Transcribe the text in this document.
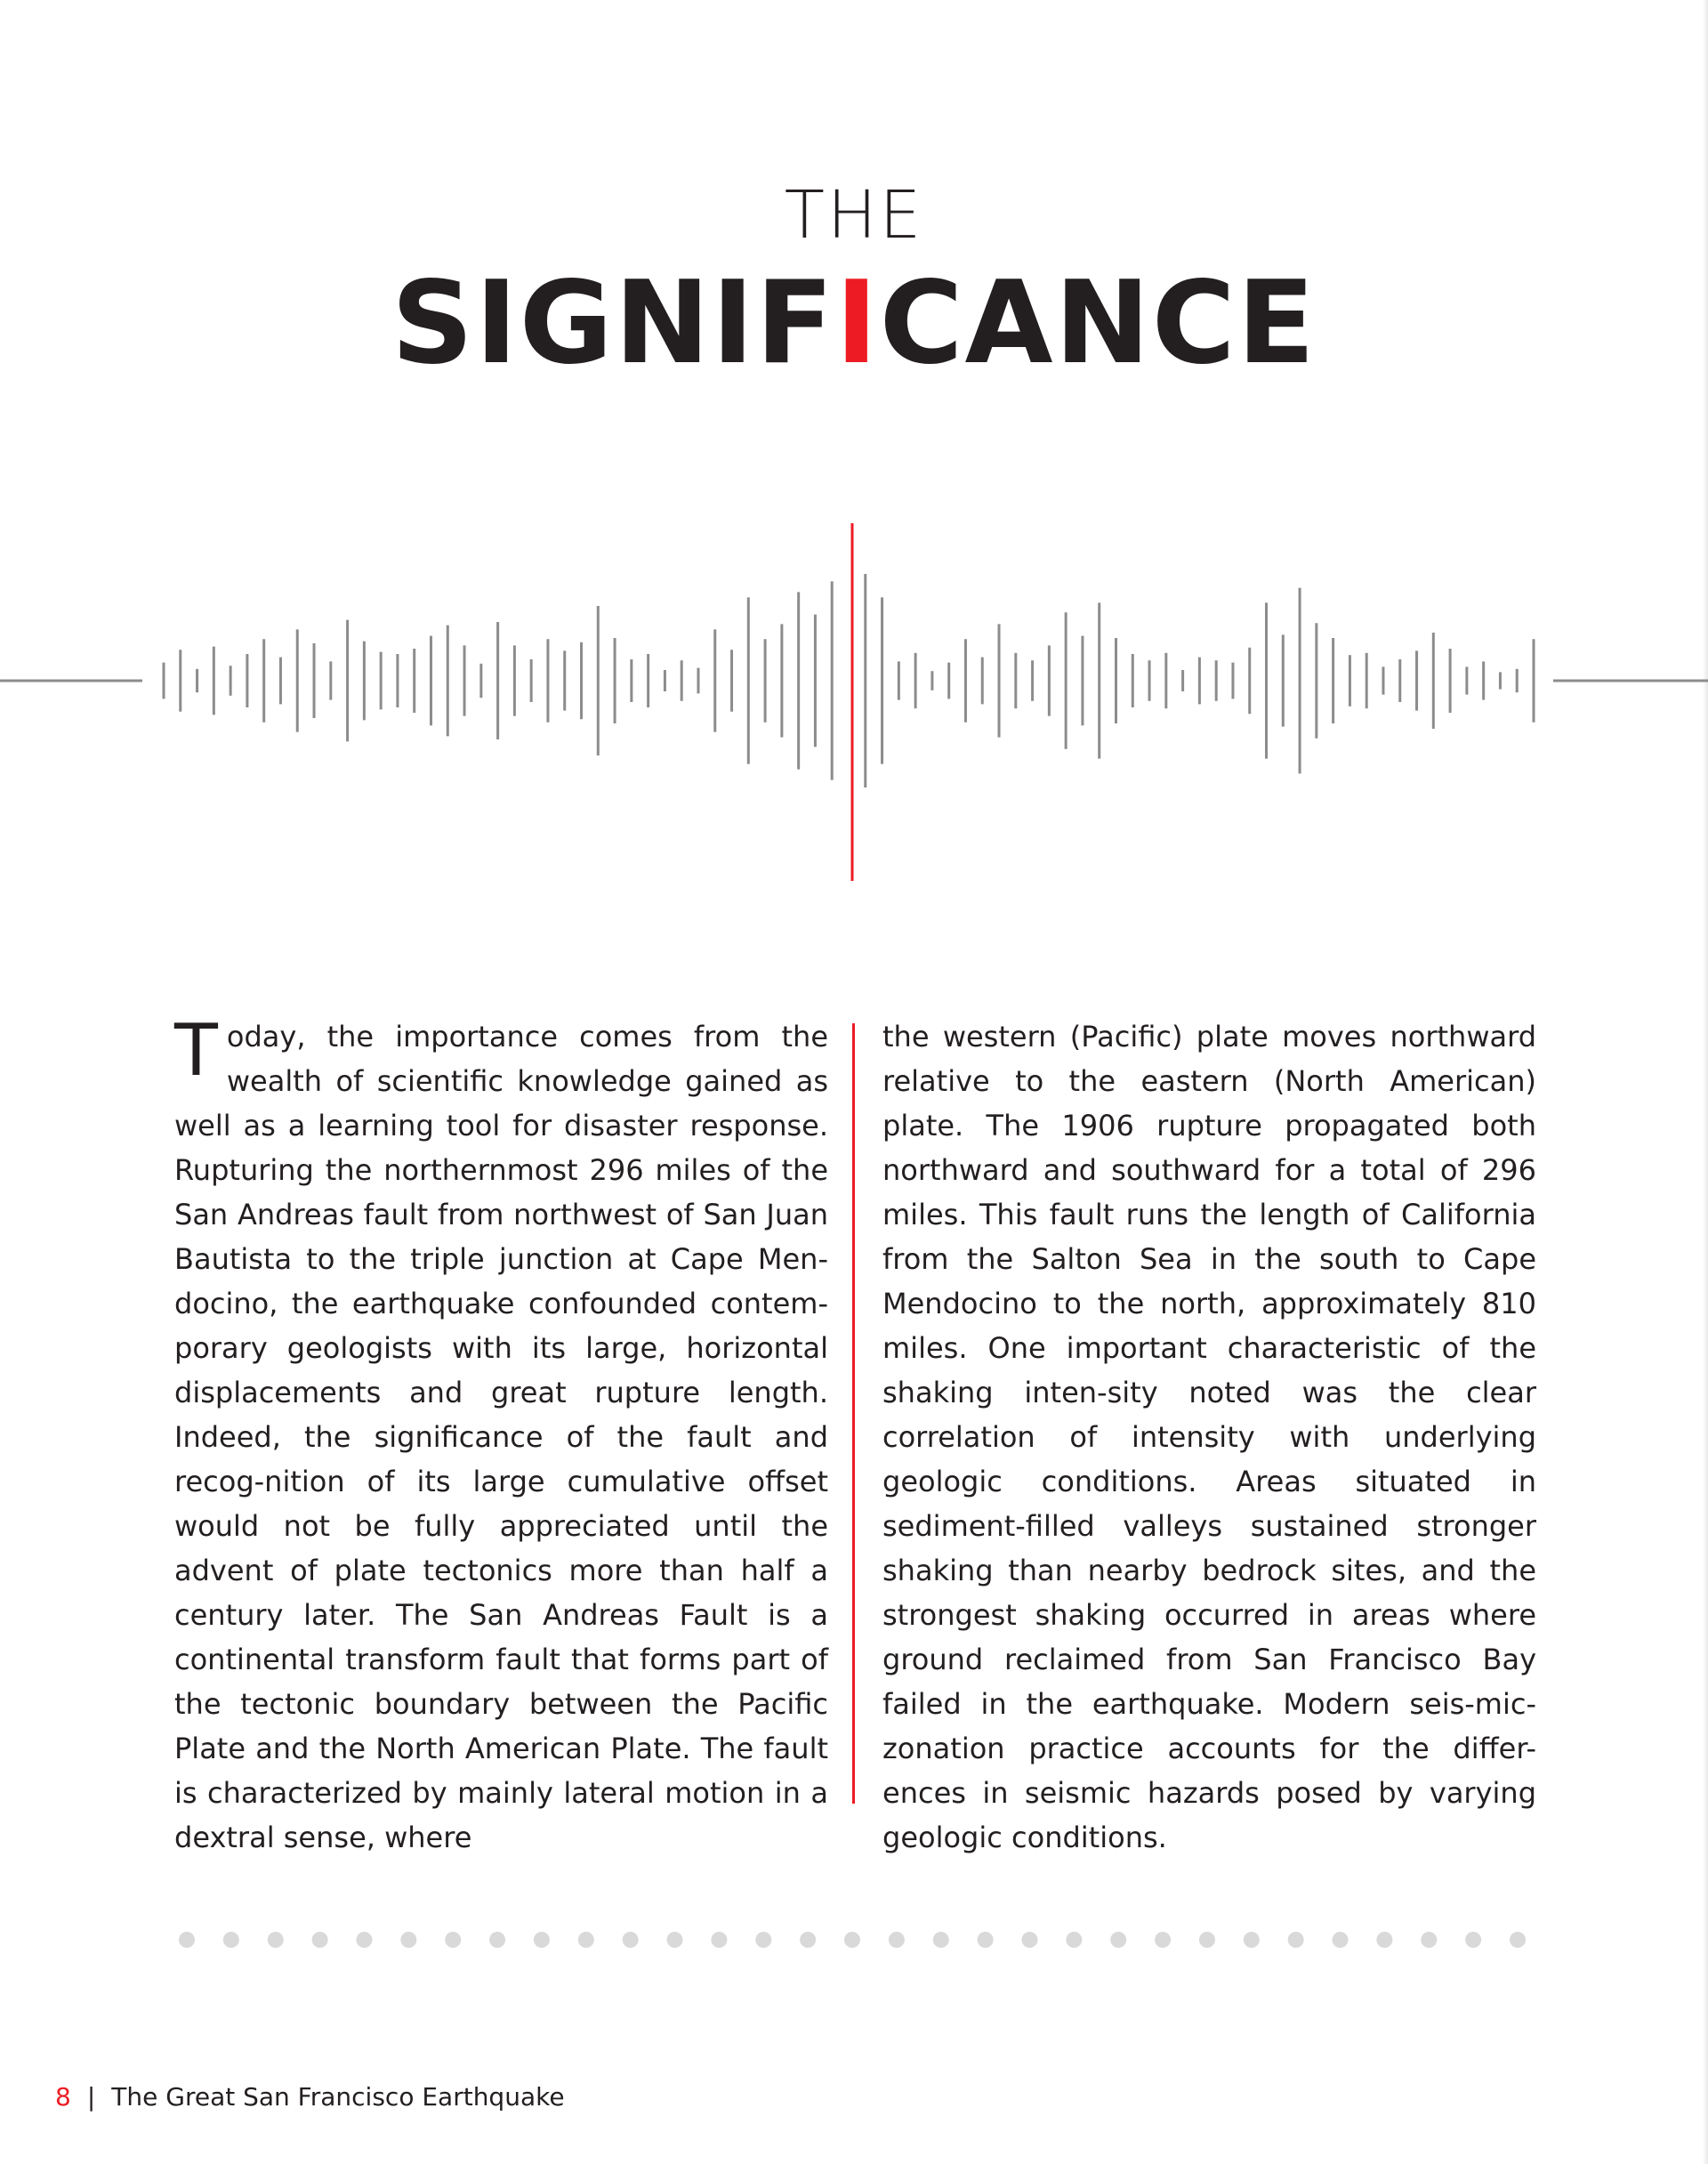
THE
SIGNIFICANCE
Today, the importance comes from the wealth of scientific knowledge gained as well as a learning tool for disaster response. Rupturing the northernmost 296 miles of the San Andreas fault from northwest of San Juan Bautista to the triple junction at Cape Men-docino, the earthquake confounded contem-porary geologists with its large, horizontal displacements and great rupture length. Indeed, the significance of the fault and recog-nition of its large cumulative offset would not be fully appreciated until the advent of plate tectonics more than half a century later. The San Andreas Fault is a continental transform fault that forms part of the tectonic boundary between the Pacific Plate and the North American Plate. The fault is characterized by mainly lateral motion in a dextral sense, where
the western (Pacific) plate moves northward relative to the eastern (North American) plate. The 1906 rupture propagated both northward and southward for a total of 296 miles. This fault runs the length of California from the Salton Sea in the south to Cape Mendocino to the north, approximately 810 miles. One important characteristic of the shaking inten-sity noted was the clear correlation of intensity with underlying geologic conditions. Areas situated in sediment-filled valleys sustained stronger shaking than nearby bedrock sites, and the strongest shaking occurred in areas where ground reclaimed from San Francisco Bay failed in the earthquake. Modern seis-mic-zonation practice accounts for the differ-ences in seismic hazards posed by varying geologic conditions.
8 | The Great San Francisco Earthquake
